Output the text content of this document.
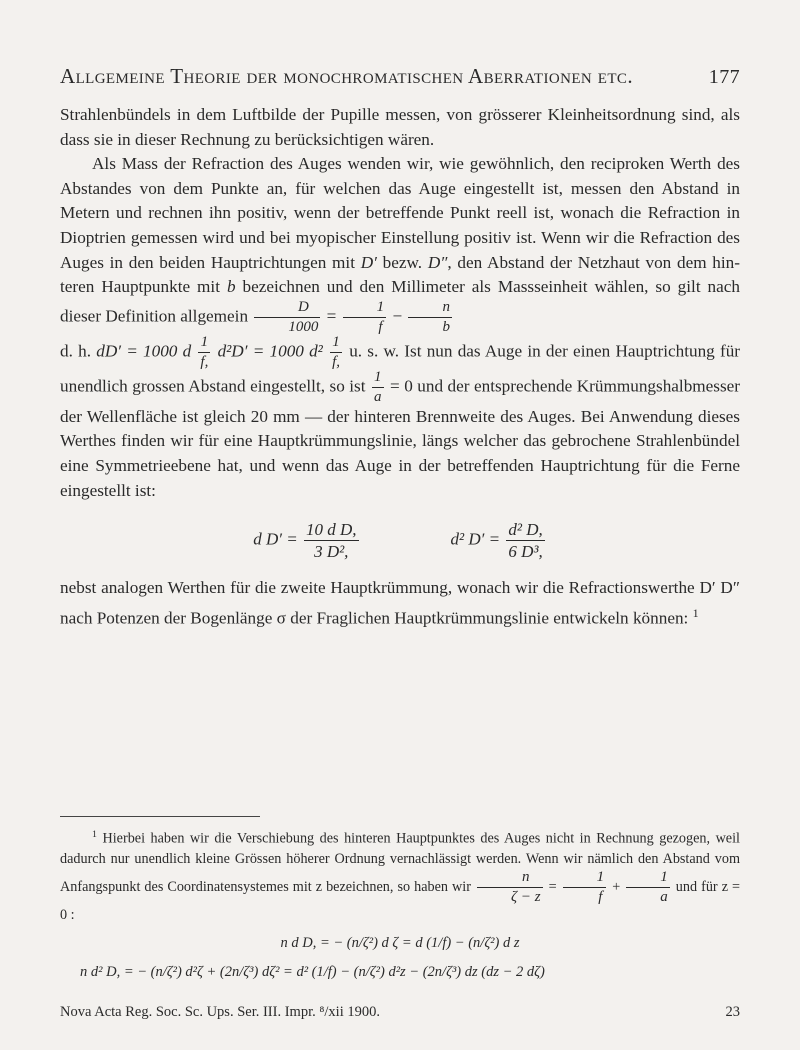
Allgemeine Theorie der monochromatischen Aberrationen etc.	177

Strahlenbündels in dem Luftbilde der Pupille messen, von grösserer Kleinheitsordnung sind, als dass sie in dieser Rechnung zu berücksichtigen wären.

Als Mass der Refraction des Auges wenden wir, wie gewöhnlich, den reciproken Werth des Abstandes von dem Punkte an, für welchen das Auge eingestellt ist, messen den Abstand in Metern und rechnen ihn positiv, wenn der betreffende Punkt reell ist, wonach die Refraction in Dioptrien gemessen wird und bei myopischer Einstellung positiv ist. Wenn wir die Refraction des Auges in den beiden Hauptrichtungen mit D′ bezw. D″, den Abstand der Netzhaut von dem hinteren Hauptpunkte mit b bezeichnen und den Millimeter als Massseinheit wählen, so gilt nach dieser Definition allgemein $\frac{D}{1000} = \frac{1}{f} - \frac{n}{b}$

d. h. dD′ = 1000 d $\frac{1}{f,} d^2D' = 1000$ $d^2 \frac{1}{f,} u$. s. w. Ist nun das Auge in der einen Hauptrichtung für unendlich grossen Abstand eingestellt, so ist $\frac{1}{a} = 0$ und der entsprechende Krümmungshalbmesser der Wellenfläche ist gleich 20 mm — der hinteren Brennweite des Auges. Bei Anwendung dieses Werthes finden wir für eine Hauptkrümmungslinie, längs welcher das gebrochene Strahlenbündel eine Symmetrieebene hat, und wenn das Auge in der betreffenden Hauptrichtung für die Ferne eingestellt ist:

d $D' = \frac{\text{10 d D,}}{\text{3 D²,}}$	d² $D' = \frac{\text{d² D,}}{\text{6 D³,}}$

nebst analogen Werthen für die zweite Hauptkrümmung, wonach wir die Refractionswerthe D′ D″ nach Potenzen der Bogenlänge σ der Fraglichen Hauptkrümmungslinie entwickeln können: $^1$

$^1$ Hierbei haben wir die Verschiebung des hinteren Hauptpunktes des Auges nicht in Rechnung gezogen, weil dadurch nur unendlich kleine Grössen höherer Ordnung vernachlässigt werden. Wenn wir nämlich den Abstand vom Anfangspunkt des Coordinatensystemes mit z bezeichnen, so haben wir $\frac{n}{\zeta - z} = \frac{1}{f} + \frac{1}{a}$ und für z = 0 :

n d D, = − (n/ζ²) d ζ = d (1/f) − (n/ζ²) d z
n d² D, = − (n/ζ²) d²ζ + (2n/ζ³) dζ² = d² (1/f) − (n/ζ²) d²z − (2n/ζ³) dz (dz − 2 dζ)
Nova Acta Reg. Soc. Sc. Ups. Ser. III. Impr. ⁸/xii 1900.	23
